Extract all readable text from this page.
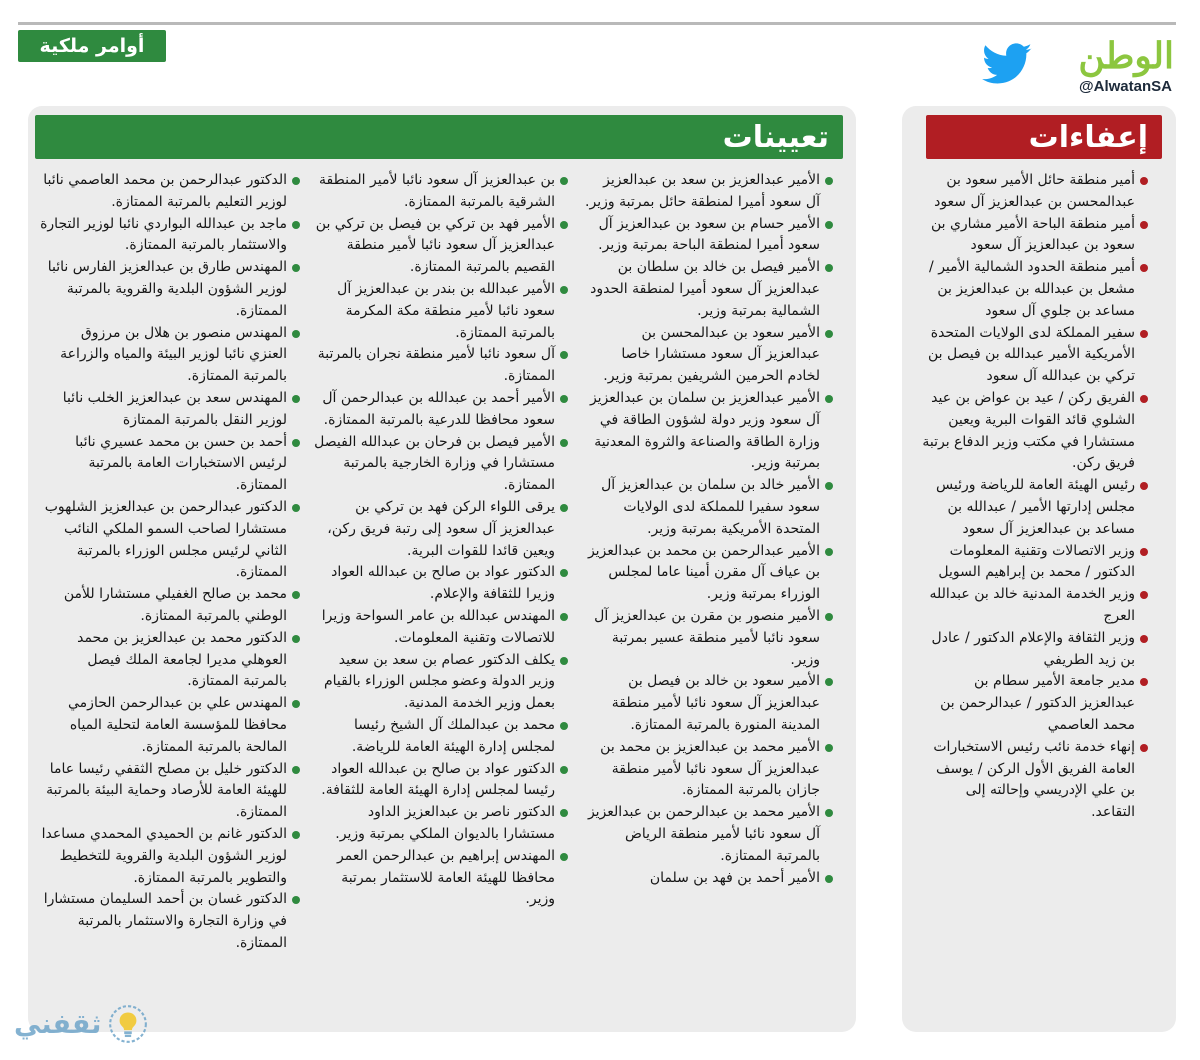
أوامر ملكية	الوطن
@AlwatanSA
تعيينات	إعفاءات
الأمير عبدالعزيز بن سعد بن عبدالعزيز آل سعود أميرا لمنطقة حائل بمرتبة وزير.
الأمير حسام بن سعود بن عبدالعزيز آل سعود أميرا لمنطقة الباحة بمرتبة وزير.
الأمير فيصل بن خالد بن سلطان بن عبدالعزيز آل سعود أميرا لمنطقة الحدود الشمالية بمرتبة وزير.
الأمير سعود بن عبدالمحسن بن عبدالعزيز آل سعود مستشارا خاصا لخادم الحرمين الشريفين بمرتبة وزير.
الأمير عبدالعزيز بن سلمان بن عبدالعزيز آل سعود وزير دولة لشؤون الطاقة في وزارة الطاقة والصناعة والثروة المعدنية بمرتبة وزير.
الأمير خالد بن سلمان بن عبدالعزيز آل سعود سفيرا للمملكة لدى الولايات المتحدة الأمريكية بمرتبة وزير.
الأمير عبدالرحمن بن محمد بن عبدالعزيز بن عياف آل مقرن أمينا عاما لمجلس الوزراء بمرتبة وزير.
الأمير منصور بن مقرن بن عبدالعزيز آل سعود نائبا لأمير منطقة عسير بمرتبة وزير.
الأمير سعود بن خالد بن فيصل بن عبدالعزيز آل سعود نائبا لأمير منطقة المدينة المنورة بالمرتبة الممتازة.
الأمير محمد بن عبدالعزيز بن محمد بن عبدالعزيز آل سعود نائبا لأمير منطقة جازان بالمرتبة الممتازة.
الأمير محمد بن عبدالرحمن بن عبدالعزيز آل سعود نائبا لأمير منطقة الرياض بالمرتبة الممتازة.
الأمير أحمد بن فهد بن سلمان
بن عبدالعزيز آل سعود نائبا لأمير المنطقة الشرقية بالمرتبة الممتازة.
الأمير فهد بن تركي بن فيصل بن تركي بن عبدالعزيز آل سعود نائبا لأمير منطقة القصيم بالمرتبة الممتازة.
الأمير عبدالله بن بندر بن عبدالعزيز آل سعود نائبا لأمير منطقة مكة المكرمة بالمرتبة الممتازة.
آل سعود نائبا لأمير منطقة نجران بالمرتبة الممتازة.
الأمير أحمد بن عبدالله بن عبدالرحمن آل سعود محافظا للدرعية بالمرتبة الممتازة.
الأمير فيصل بن فرحان بن عبدالله الفيصل مستشارا في وزارة الخارجية بالمرتبة الممتازة.
يرقى اللواء الركن فهد بن تركي بن عبدالعزيز آل سعود إلى رتبة فريق ركن، ويعين قائدا للقوات البرية.
الدكتور عواد بن صالح بن عبدالله العواد وزيرا للثقافة والإعلام.
المهندس عبدالله بن عامر السواحة وزيرا للاتصالات وتقنية المعلومات.
يكلف الدكتور عصام بن سعد بن سعيد وزير الدولة وعضو مجلس الوزراء بالقيام بعمل وزير الخدمة المدنية.
محمد بن عبدالملك آل الشيخ رئيسا لمجلس إدارة الهيئة العامة للرياضة.
الدكتور عواد بن صالح بن عبدالله العواد رئيسا لمجلس إدارة الهيئة العامة للثقافة.
الدكتور ناصر بن عبدالعزيز الداود مستشارا بالديوان الملكي بمرتبة وزير.
المهندس إبراهيم بن عبدالرحمن العمر محافظا للهيئة العامة للاستثمار بمرتبة وزير.
الدكتور عبدالرحمن بن محمد العاصمي نائبا لوزير التعليم بالمرتبة الممتازة.
ماجد بن عبدالله البواردي نائبا لوزير التجارة والاستثمار بالمرتبة الممتازة.
المهندس طارق بن عبدالعزيز الفارس نائبا لوزير الشؤون البلدية والقروية بالمرتبة الممتازة.
المهندس منصور بن هلال بن مرزوق العنزي نائبا لوزير البيئة والمياه والزراعة بالمرتبة الممتازة.
المهندس سعد بن عبدالعزيز الخلب نائبا لوزير النقل بالمرتبة الممتازة
أحمد بن حسن بن محمد عسيري نائبا لرئيس الاستخبارات العامة بالمرتبة الممتازة.
الدكتور عبدالرحمن بن عبدالعزيز الشلهوب مستشارا لصاحب السمو الملكي النائب الثاني لرئيس مجلس الوزراء بالمرتبة الممتازة.
محمد بن صالح الغفيلي مستشارا للأمن الوطني بالمرتبة الممتازة.
الدكتور محمد بن عبدالعزيز بن محمد العوهلي مديرا لجامعة الملك فيصل بالمرتبة الممتازة.
المهندس علي بن عبدالرحمن الحازمي محافظا للمؤسسة العامة لتحلية المياه المالحة بالمرتبة الممتازة.
الدكتور خليل بن مصلح الثقفي رئيسا عاما للهيئة العامة للأرصاد وحماية البيئة بالمرتبة الممتازة.
الدكتور غانم بن الحميدي المحمدي مساعدا لوزير الشؤون البلدية والقروية للتخطيط والتطوير بالمرتبة الممتازة.
الدكتور غسان بن أحمد السليمان مستشارا في وزارة التجارة والاستثمار بالمرتبة الممتازة.
أمير منطقة حائل الأمير سعود بن عبدالمحسن بن عبدالعزيز آل سعود
أمير منطقة الباحة الأمير مشاري بن سعود بن عبدالعزيز آل سعود
أمير منطقة الحدود الشمالية الأمير / مشعل بن عبدالله بن عبدالعزيز بن مساعد بن جلوي آل سعود
سفير المملكة لدى الولايات المتحدة الأمريكية الأمير عبدالله بن فيصل بن تركي بن عبدالله آل سعود
الفريق ركن / عيد بن عواض بن عيد الشلوي قائد القوات البرية ويعين مستشارا في مكتب وزير الدفاع برتبة فريق ركن.
رئيس الهيئة العامة للرياضة ورئيس مجلس إدارتها الأمير / عبدالله بن مساعد بن عبدالعزيز آل سعود
وزير الاتصالات وتقنية المعلومات الدكتور / محمد بن إبراهيم السويل
وزير الخدمة المدنية خالد بن عبدالله العرج
وزير الثقافة والإعلام الدكتور / عادل بن زيد الطريفي
مدير جامعة الأمير سطام بن عبدالعزيز الدكتور / عبدالرحمن بن محمد العاصمي
إنهاء خدمة نائب رئيس الاستخبارات العامة الفريق الأول الركن / يوسف بن علي الإدريسي وإحالته إلى التقاعد.
ثقفني
